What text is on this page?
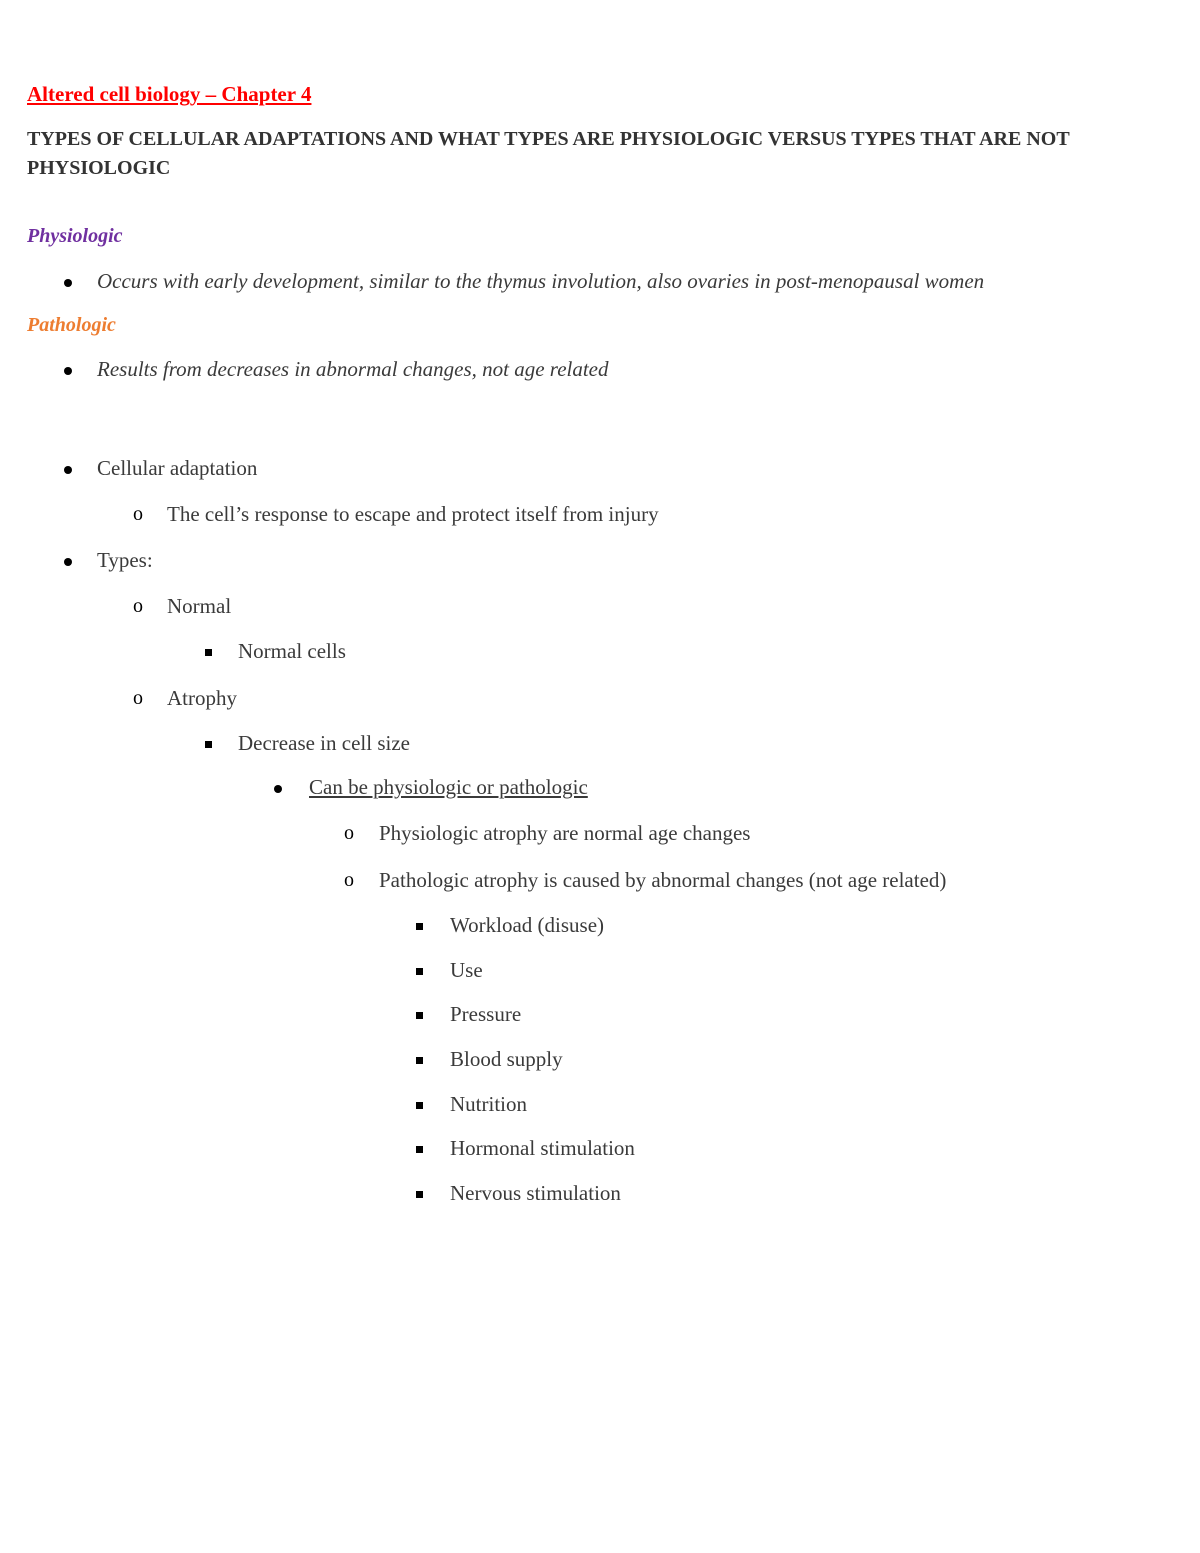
Altered cell biology – Chapter 4
TYPES OF CELLULAR ADAPTATIONS AND WHAT TYPES ARE PHYSIOLOGIC VERSUS TYPES THAT ARE NOT PHYSIOLOGIC
Physiologic
Occurs with early development, similar to the thymus involution, also ovaries in post-menopausal women
Pathologic
Results from decreases in abnormal changes, not age related
Cellular adaptation
o The cell’s response to escape and protect itself from injury
Types:
o Normal
Normal cells
o Atrophy
Decrease in cell size
Can be physiologic or pathologic
o Physiologic atrophy are normal age changes
o Pathologic atrophy is caused by abnormal changes (not age related)
Workload (disuse)
Use
Pressure
Blood supply
Nutrition
Hormonal stimulation
Nervous stimulation
